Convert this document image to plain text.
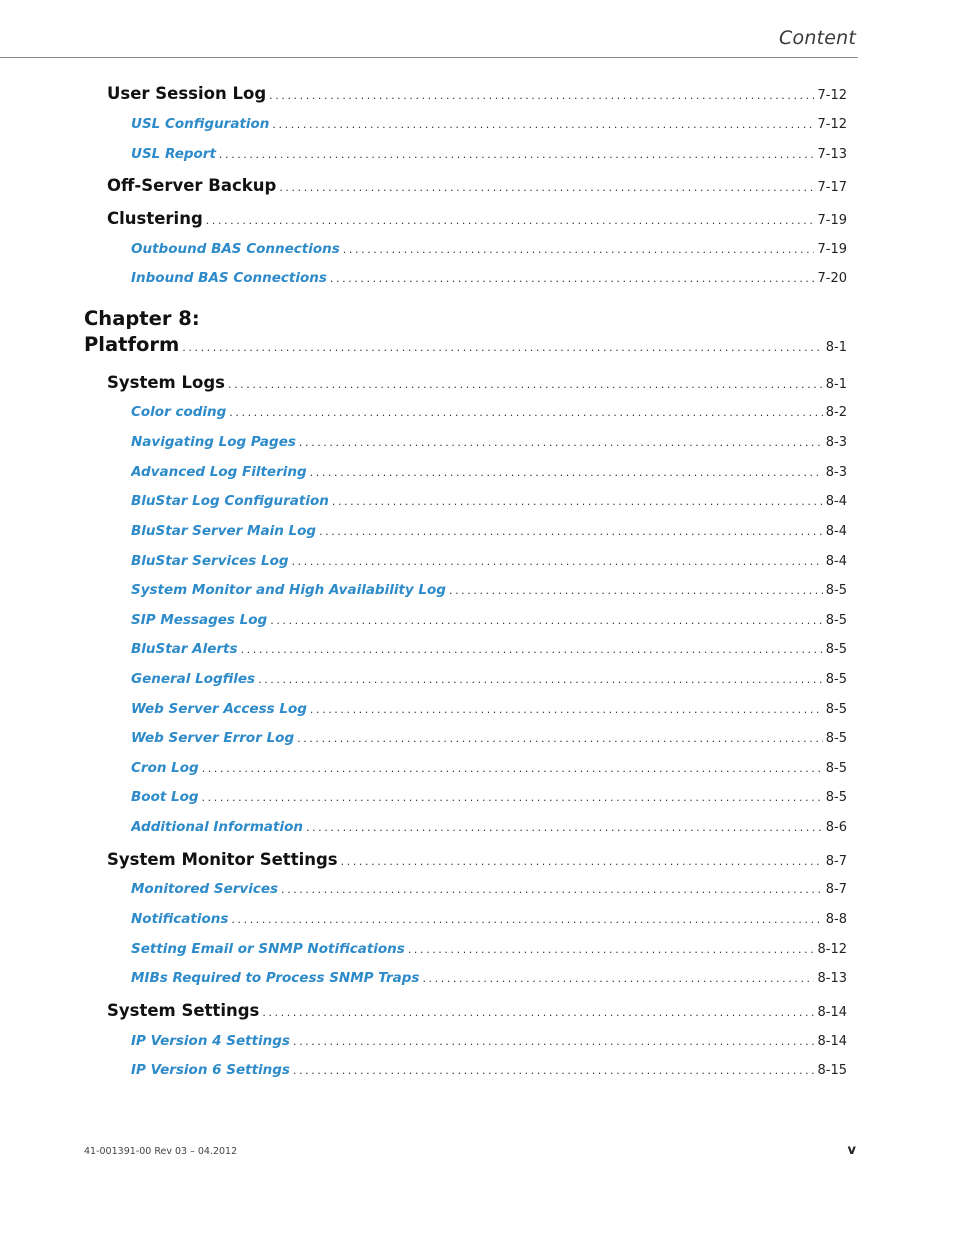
Content
Chapter 8:
Platform .....	8-1
User Session Log .....	7-12
USL Configuration .....	7-12
USL Report .....	7-13
Off-Server Backup .....	7-17
Clustering .....	7-19
Outbound BAS Connections .....	7-19
Inbound BAS Connections .....	7-20
System Logs .....	8-1
Color coding .....	8-2
Navigating Log Pages .....	8-3
Advanced Log Filtering .....	8-3
BluStar Log Configuration .....	8-4
BluStar Server Main Log .....	8-4
BluStar Services Log .....	8-4
System Monitor and High Availability Log .....	8-5
SIP Messages Log .....	8-5
BluStar Alerts .....	8-5
General Logfiles .....	8-5
Web Server Access Log .....	8-5
Web Server Error Log .....	8-5
Cron Log .....	8-5
Boot Log .....	8-5
Additional Information .....	8-6
System Monitor Settings .....	8-7
Monitored Services .....	8-7
Notifications .....	8-8
Setting Email or SNMP Notifications .....	8-12
MIBs Required to Process SNMP Traps .....	8-13
System Settings .....	8-14
IP Version 4 Settings .....	8-14
IP Version 6 Settings .....	8-15
41-001391-00 Rev 03 – 04.2012	v
